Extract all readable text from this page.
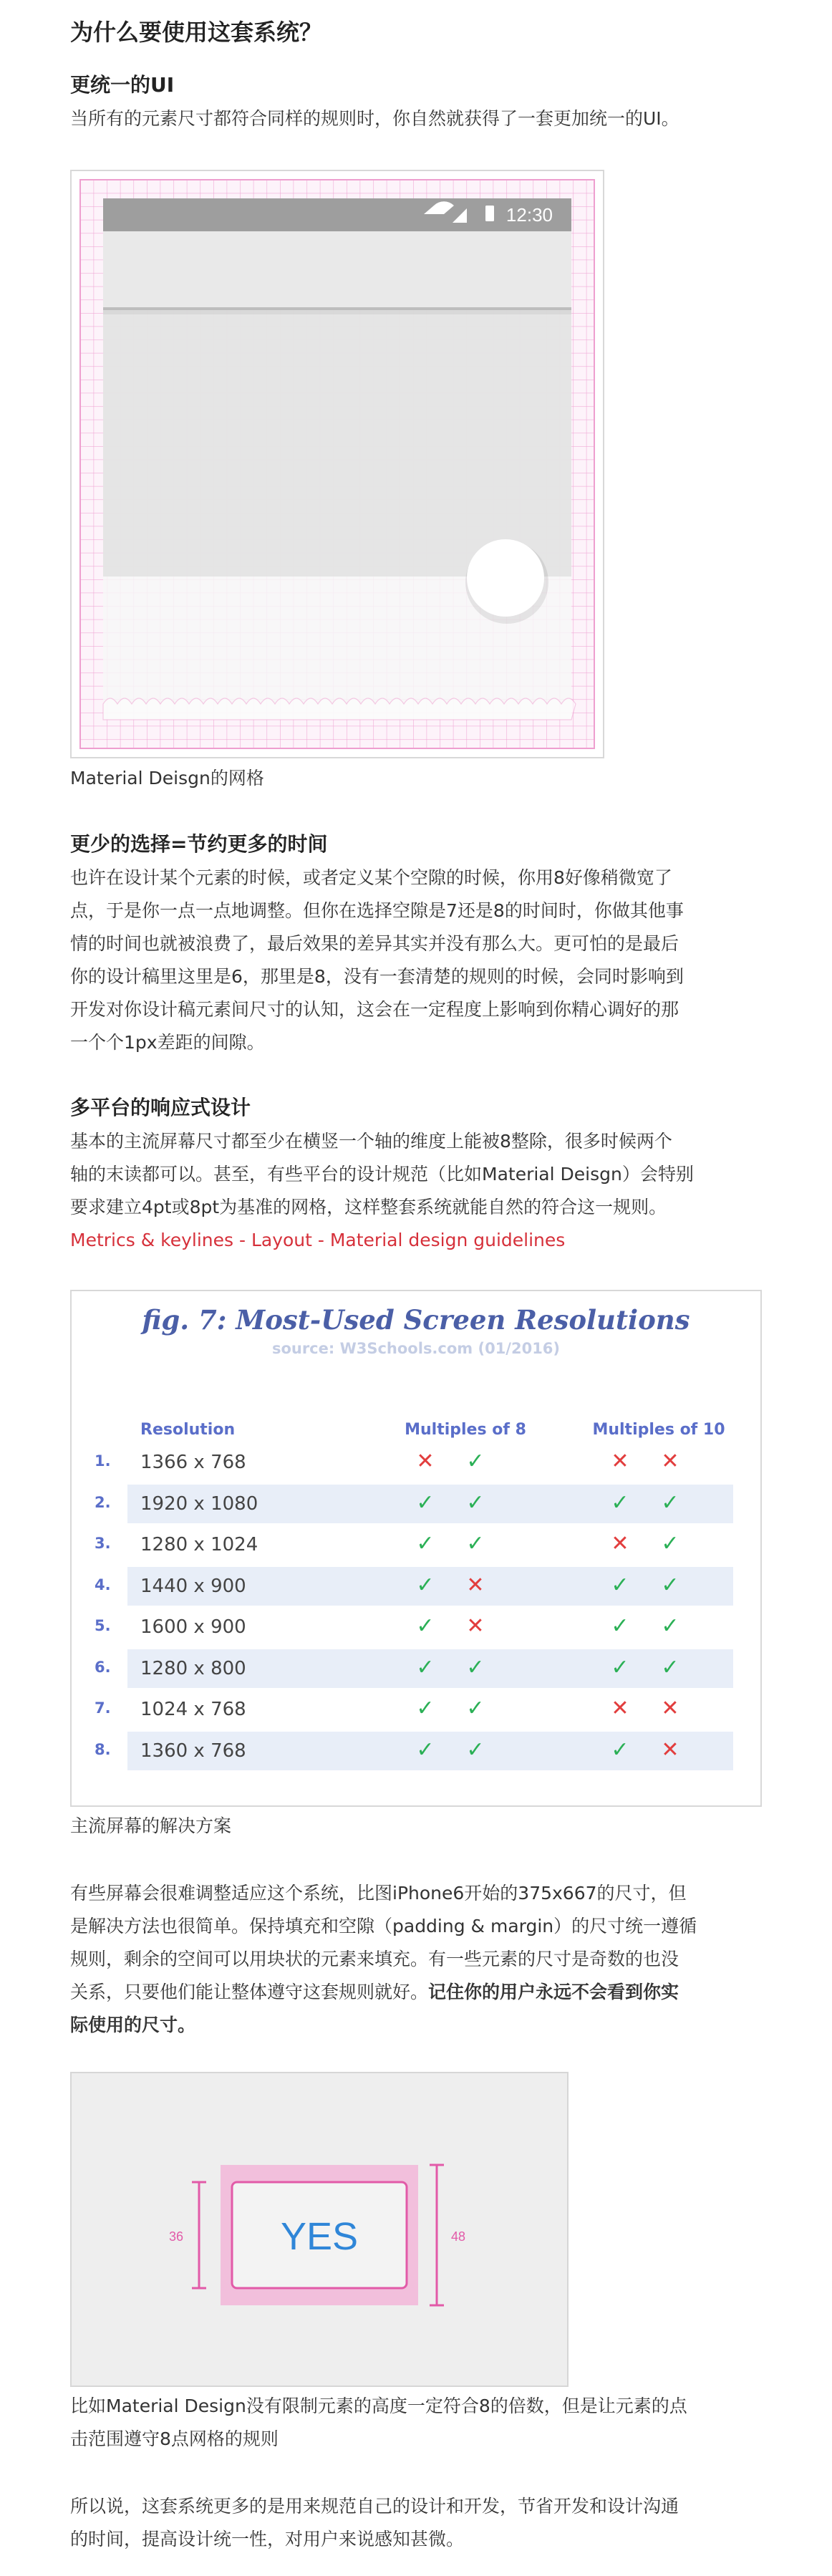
为什么要使用这套系统？
更统一的UI
当所有的元素尺寸都符合同样的规则时，你自然就获得了一套更加统一的UI。
12:30
Material Deisgn的网格
更少的选择=节约更多的时间
也许在设计某个元素的时候，或者定义某个空隙的时候，你用8好像稍微宽了
点，于是你一点一点地调整。但你在选择空隙是7还是8的时间时，你做其他事
情的时间也就被浪费了，最后效果的差异其实并没有那么大。更可怕的是最后
你的设计稿里这里是6，那里是8，没有一套清楚的规则的时候，会同时影响到
开发对你设计稿元素间尺寸的认知，这会在一定程度上影响到你精心调好的那
一个个1px差距的间隙。
多平台的响应式设计
基本的主流屏幕尺寸都至少在横竖一个轴的维度上能被8整除，很多时候两个
轴的末读都可以。甚至，有些平台的设计规范（比如Material Deisgn）会特别
要求建立4pt或8pt为基准的网格，这样整套系统就能自然的符合这一规则。
Metrics & keylines - Layout - Material design guidelines
fig. 7: Most-Used Screen Resolutions
source: W3Schools.com (01/2016)
Resolution	Multiples of 8	Multiples of 10
1. 1366 x 768	✕ ✓	✕ ✕
2. 1920 x 1080	✓ ✓	✓ ✓
3. 1280 x 1024	✓ ✓	✕ ✓
4. 1440 x 900	✓ ✕	✓ ✓
5. 1600 x 900	✓ ✕	✓ ✓
6. 1280 x 800	✓ ✓	✓ ✓
7. 1024 x 768	✓ ✓	✕ ✕
8. 1360 x 768	✓ ✓	✓ ✕
主流屏幕的解决方案
有些屏幕会很难调整适应这个系统，比图iPhone6开始的375x667的尺寸，但
是解决方法也很简单。保持填充和空隙（padding & margin）的尺寸统一遵循
规则，剩余的空间可以用块状的元素来填充。有一些元素的尺寸是奇数的也没
关系，只要他们能让整体遵守这套规则就好。记住你的用户永远不会看到你实
际使用的尺寸。
YES
36	48
比如Material Design没有限制元素的高度一定符合8的倍数，但是让元素的点
击范围遵守8点网格的规则
所以说，这套系统更多的是用来规范自己的设计和开发，节省开发和设计沟通
的时间，提高设计统一性，对用户来说感知甚微。
